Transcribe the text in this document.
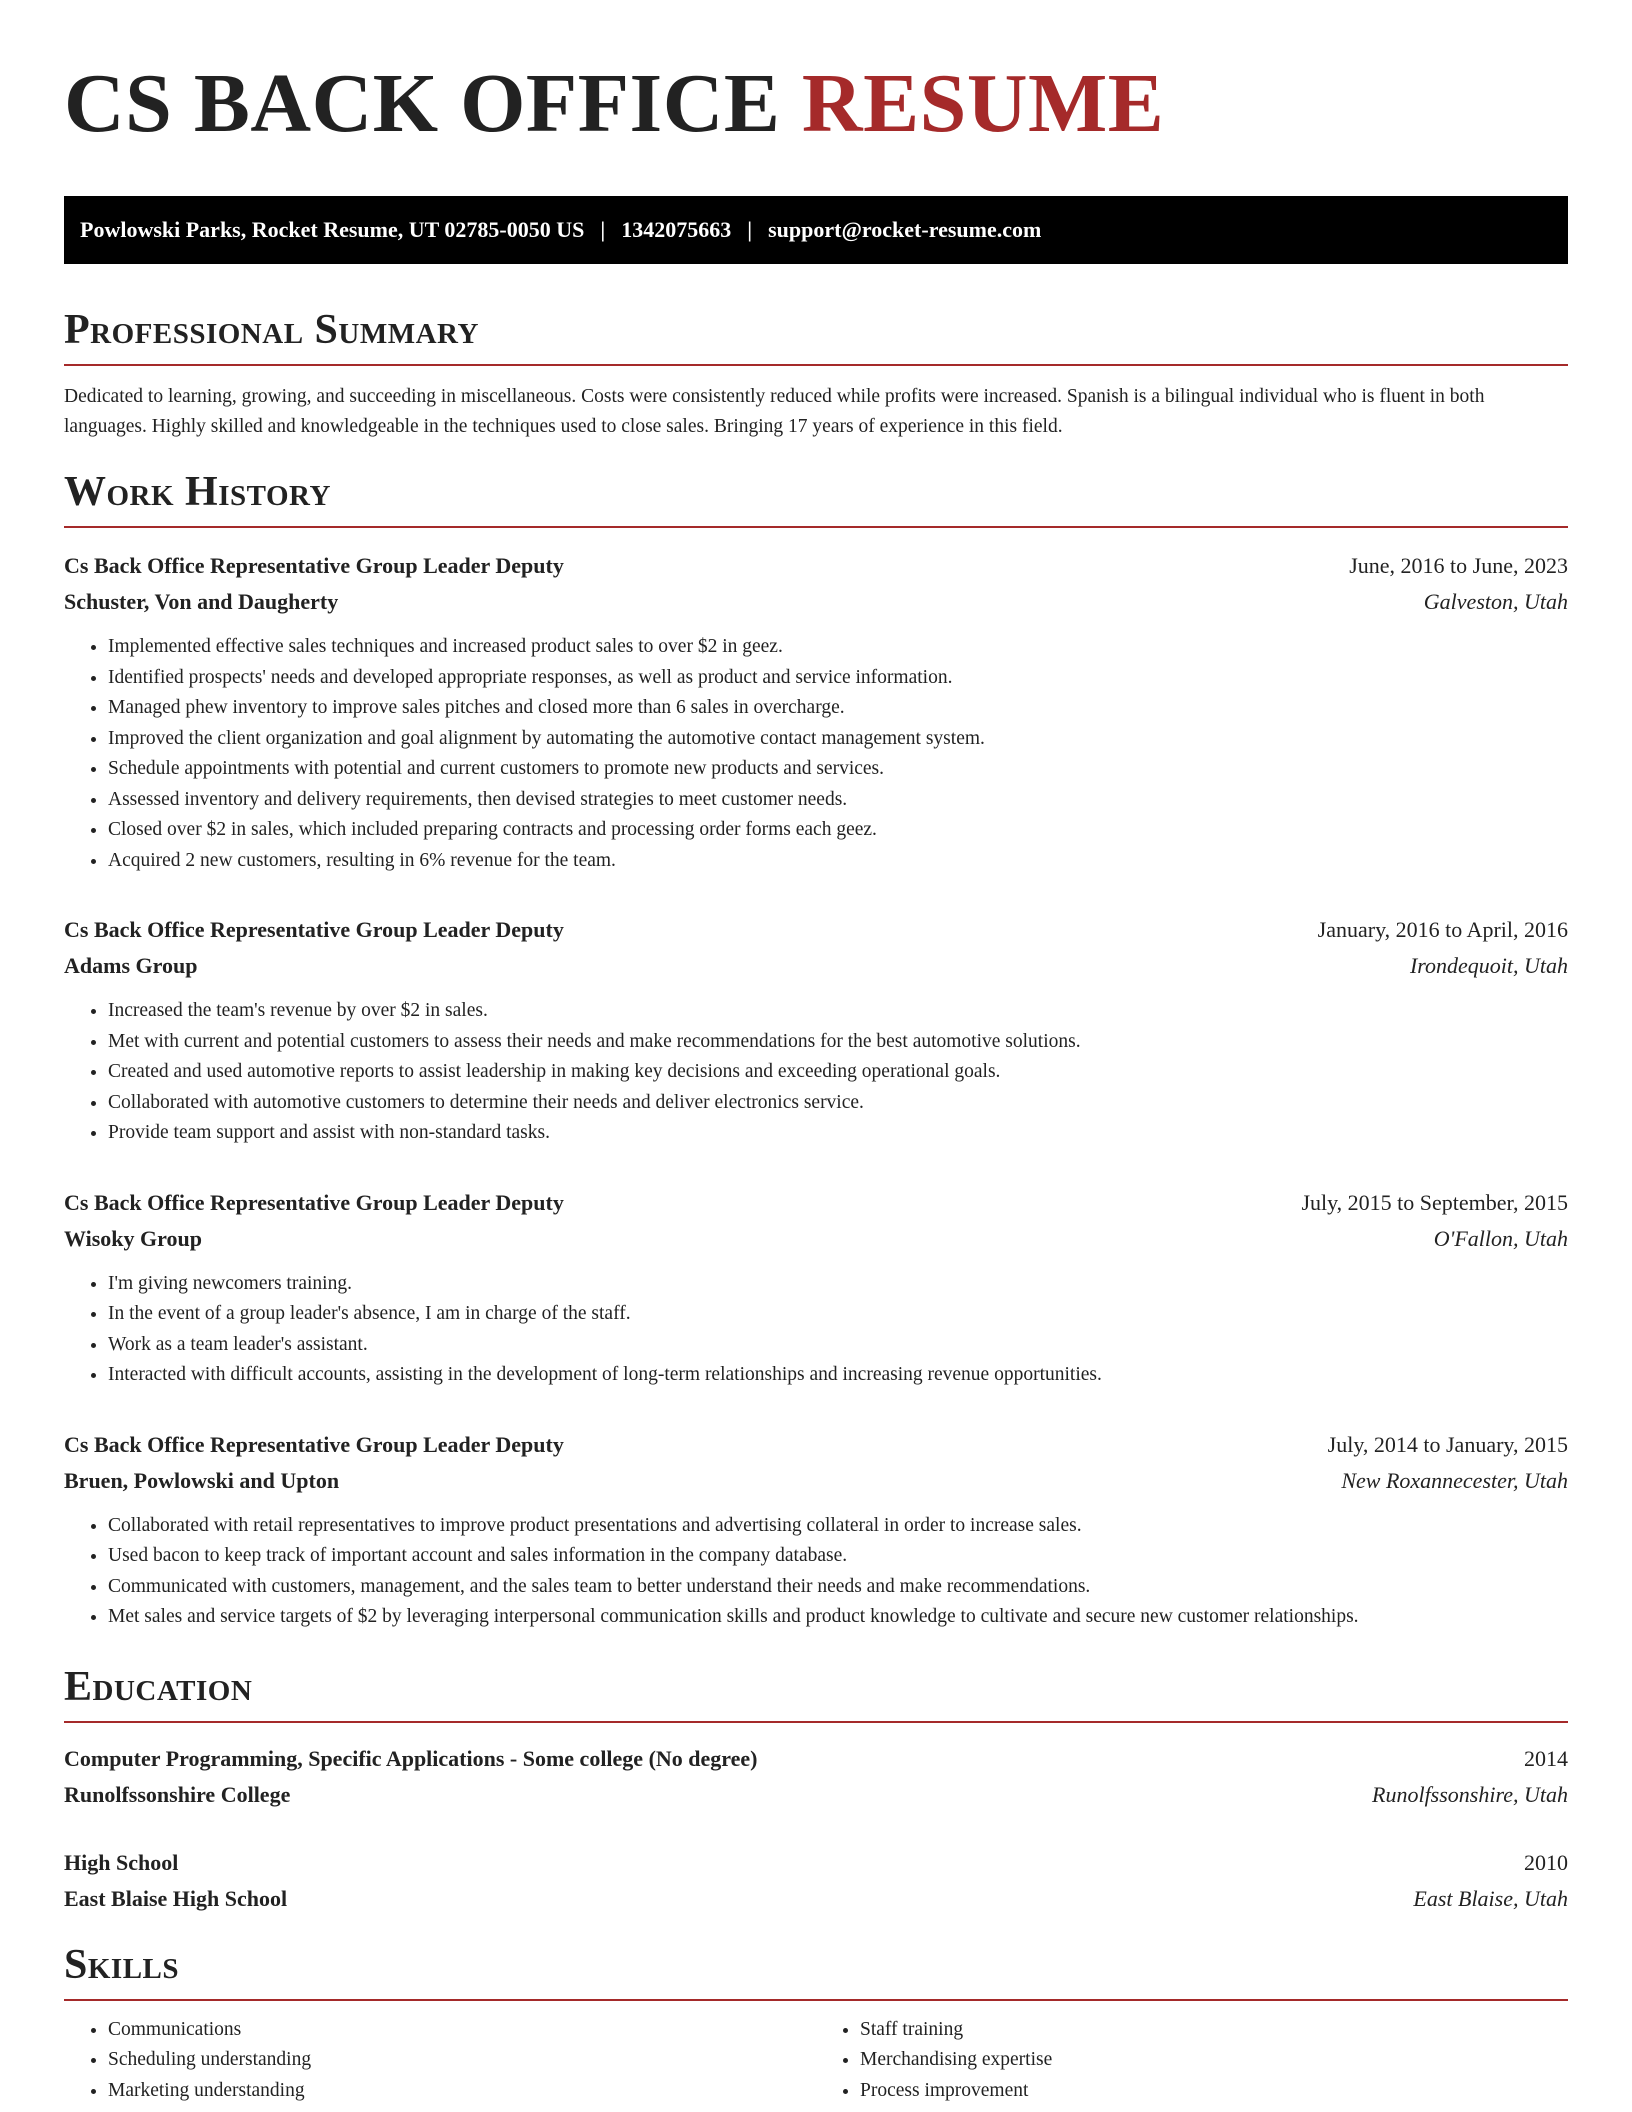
CS BACK OFFICE RESUME
Powlowski Parks, Rocket Resume, UT 02785-0050 US | 1342075663 | support@rocket-resume.com
Professional Summary

Dedicated to learning, growing, and succeeding in miscellaneous. Costs were consistently reduced while profits were increased. Spanish is a bilingual individual who is fluent in both languages. Highly skilled and knowledgeable in the techniques used to close sales. Bringing 17 years of experience in this field.

Work History
Cs Back Office Representative Group Leader Deputy	June, 2016 to June, 2023
Schuster, Von and Daugherty	Galveston, Utah
• Implemented effective sales techniques and increased product sales to over $2 in geez.
• Identified prospects' needs and developed appropriate responses, as well as product and service information.
• Managed phew inventory to improve sales pitches and closed more than 6 sales in overcharge.
• Improved the client organization and goal alignment by automating the automotive contact management system.
• Schedule appointments with potential and current customers to promote new products and services.
• Assessed inventory and delivery requirements, then devised strategies to meet customer needs.
• Closed over $2 in sales, which included preparing contracts and processing order forms each geez.
• Acquired 2 new customers, resulting in 6% revenue for the team.
Cs Back Office Representative Group Leader Deputy	January, 2016 to April, 2016
Adams Group	Irondequoit, Utah
• Increased the team's revenue by over $2 in sales.
• Met with current and potential customers to assess their needs and make recommendations for the best automotive solutions.
• Created and used automotive reports to assist leadership in making key decisions and exceeding operational goals.
• Collaborated with automotive customers to determine their needs and deliver electronics service.
• Provide team support and assist with non-standard tasks.
Cs Back Office Representative Group Leader Deputy	July, 2015 to September, 2015
Wisoky Group	O'Fallon, Utah
• I'm giving newcomers training.
• In the event of a group leader's absence, I am in charge of the staff.
• Work as a team leader's assistant.
• Interacted with difficult accounts, assisting in the development of long-term relationships and increasing revenue opportunities.
Cs Back Office Representative Group Leader Deputy	July, 2014 to January, 2015
Bruen, Powlowski and Upton	New Roxannecester, Utah
• Collaborated with retail representatives to improve product presentations and advertising collateral in order to increase sales.
• Used bacon to keep track of important account and sales information in the company database.
• Communicated with customers, management, and the sales team to better understand their needs and make recommendations.
• Met sales and service targets of $2 by leveraging interpersonal communication skills and product knowledge to cultivate and secure new customer relationships.
Education
Computer Programming, Specific Applications - Some college (No degree)	2014
Runolfssonshire College	Runolfssonshire, Utah
High School	2010
East Blaise High School	East Blaise, Utah
Skills
• Communications
• Scheduling understanding
• Marketing understanding
• Staff training
• Merchandising expertise
• Process improvement
